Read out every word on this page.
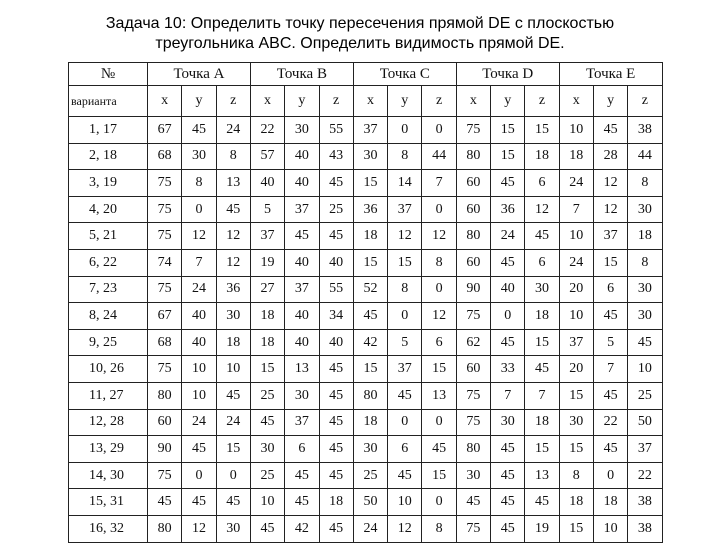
Задача 10: Определить точку пересечения прямой DE с плоскостью
треугольника ABC. Определить видимость прямой DE.
№	Точка A			Точка B			Точка C			Точка D			Точка E		
варианта	x	y	z	x	y	z	x	y	z	x	y	z	x	y	z
1, 17	67	45	24	22	30	55	37	0	0	75	15	15	10	45	38
2, 18	68	30	8	57	40	43	30	8	44	80	15	18	18	28	44
3, 19	75	8	13	40	40	45	15	14	7	60	45	6	24	12	8
4, 20	75	0	45	5	37	25	36	37	0	60	36	12	7	12	30
5, 21	75	12	12	37	45	45	18	12	12	80	24	45	10	37	18
6, 22	74	7	12	19	40	40	15	15	8	60	45	6	24	15	8
7, 23	75	24	36	27	37	55	52	8	0	90	40	30	20	6	30
8, 24	67	40	30	18	40	34	45	0	12	75	0	18	10	45	30
9, 25	68	40	18	18	40	40	42	5	6	62	45	15	37	5	45
10, 26	75	10	10	15	13	45	15	37	15	60	33	45	20	7	10
11, 27	80	10	45	25	30	45	80	45	13	75	7	7	15	45	25
12, 28	60	24	24	45	37	45	18	0	0	75	30	18	30	22	50
13, 29	90	45	15	30	6	45	30	6	45	80	45	15	15	45	37
14, 30	75	0	0	25	45	45	25	45	15	30	45	13	8	0	22
15, 31	45	45	45	10	45	18	50	10	0	45	45	45	18	18	38
16, 32	80	12	30	45	42	45	24	12	8	75	45	19	15	10	38
